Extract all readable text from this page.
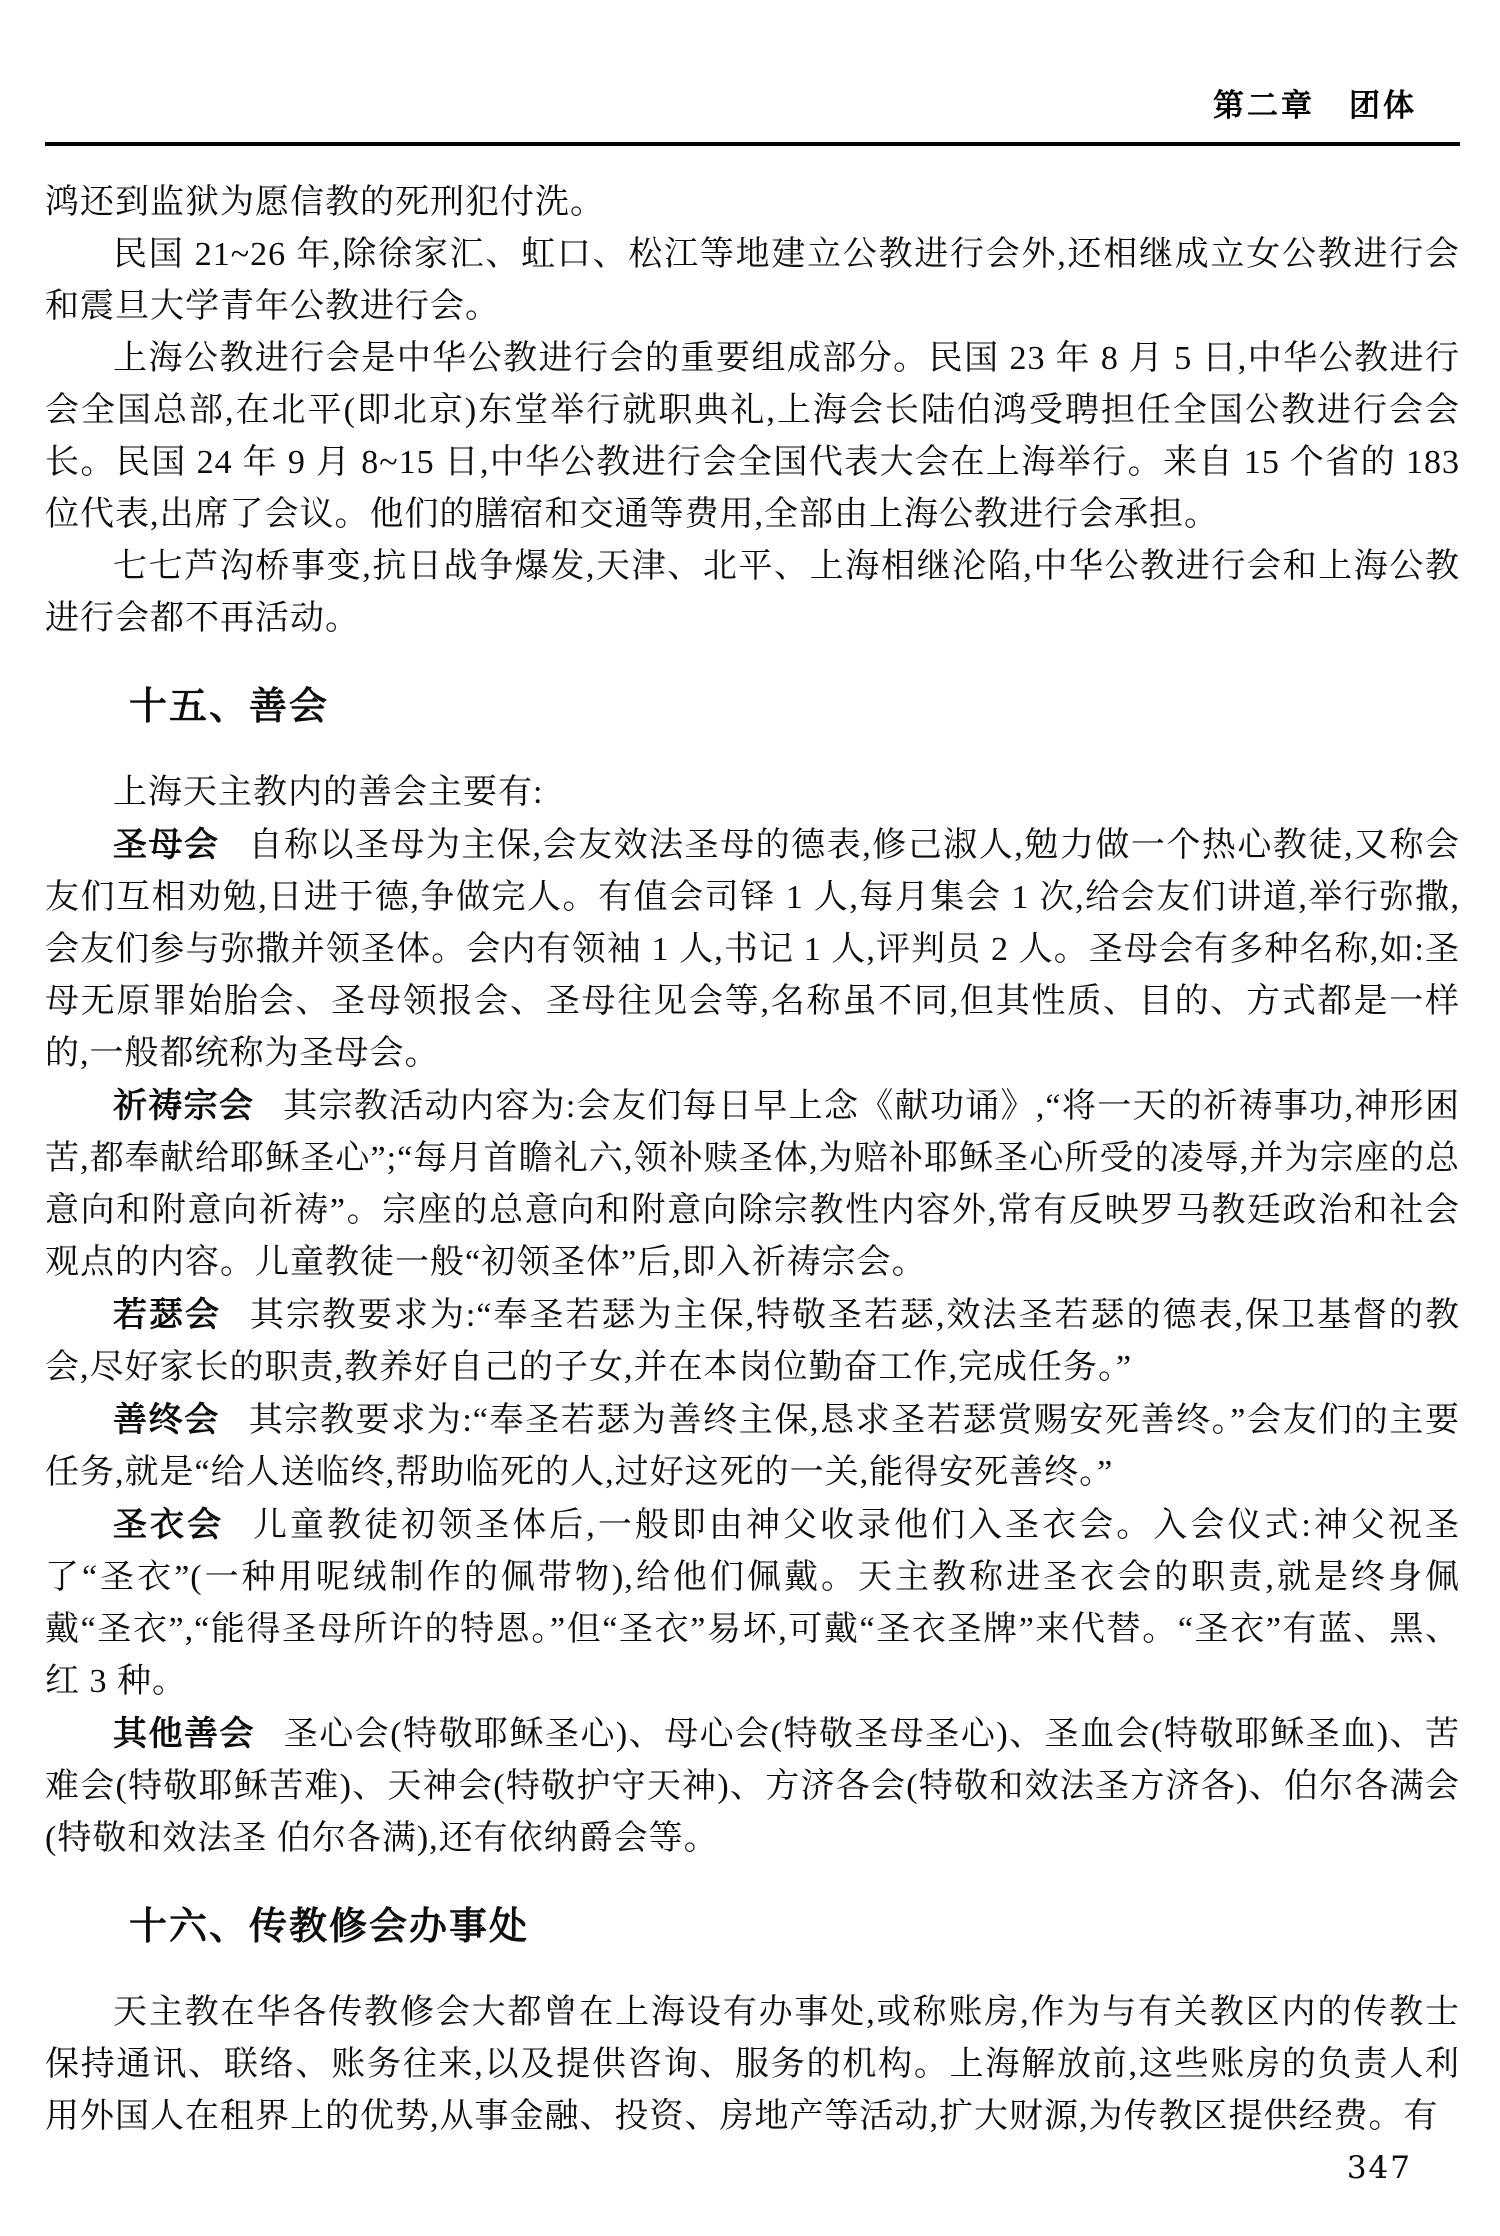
第二章　团体

鸿还到监狱为愿信教的死刑犯付洗。

民国 21~26 年,除徐家汇、虹口、松江等地建立公教进行会外,还相继成立女公教进行会和震旦大学青年公教进行会。

上海公教进行会是中华公教进行会的重要组成部分。民国 23 年 8 月 5 日,中华公教进行会全国总部,在北平(即北京)东堂举行就职典礼,上海会长陆伯鸿受聘担任全国公教进行会会长。民国 24 年 9 月 8~15 日,中华公教进行会全国代表大会在上海举行。来自 15 个省的 183 位代表,出席了会议。他们的膳宿和交通等费用,全部由上海公教进行会承担。

七七芦沟桥事变,抗日战争爆发,天津、北平、上海相继沦陷,中华公教进行会和上海公教进行会都不再活动。

十五、善会

上海天主教内的善会主要有:

圣母会 自称以圣母为主保,会友效法圣母的德表,修己淑人,勉力做一个热心教徒,又称会友们互相劝勉,日进于德,争做完人。有值会司铎 1 人,每月集会 1 次,给会友们讲道,举行弥撒,会友们参与弥撒并领圣体。会内有领袖 1 人,书记 1 人,评判员 2 人。圣母会有多种名称,如:圣母无原罪始胎会、圣母领报会、圣母往见会等,名称虽不同,但其性质、目的、方式都是一样的,一般都统称为圣母会。

祈祷宗会 其宗教活动内容为:会友们每日早上念《献功诵》,“将一天的祈祷事功,神形困苦,都奉献给耶稣圣心”;“每月首瞻礼六,领补赎圣体,为赔补耶稣圣心所受的凌辱,并为宗座的总意向和附意向祈祷”。宗座的总意向和附意向除宗教性内容外,常有反映罗马教廷政治和社会观点的内容。儿童教徒一般“初领圣体”后,即入祈祷宗会。

若瑟会 其宗教要求为:“奉圣若瑟为主保,特敬圣若瑟,效法圣若瑟的德表,保卫基督的教会,尽好家长的职责,教养好自己的子女,并在本岗位勤奋工作,完成任务。”

善终会 其宗教要求为:“奉圣若瑟为善终主保,恳求圣若瑟赏赐安死善终。”会友们的主要任务,就是“给人送临终,帮助临死的人,过好这死的一关,能得安死善终。”

圣衣会 儿童教徒初领圣体后,一般即由神父收录他们入圣衣会。入会仪式:神父祝圣了“圣衣”(一种用呢绒制作的佩带物),给他们佩戴。天主教称进圣衣会的职责,就是终身佩戴“圣衣”,“能得圣母所许的特恩。”但“圣衣”易坏,可戴“圣衣圣牌”来代替。“圣衣”有蓝、黑、红 3 种。

其他善会 圣心会(特敬耶稣圣心)、母心会(特敬圣母圣心)、圣血会(特敬耶稣圣血)、苦难会(特敬耶稣苦难)、天神会(特敬护守天神)、方济各会(特敬和效法圣方济各)、伯尔各满会(特敬和效法圣 伯尔各满),还有依纳爵会等。

十六、传教修会办事处

天主教在华各传教修会大都曾在上海设有办事处,或称账房,作为与有关教区内的传教士保持通讯、联络、账务往来,以及提供咨询、服务的机构。上海解放前,这些账房的负责人利用外国人在租界上的优势,从事金融、投资、房地产等活动,扩大财源,为传教区提供经费。有

347
